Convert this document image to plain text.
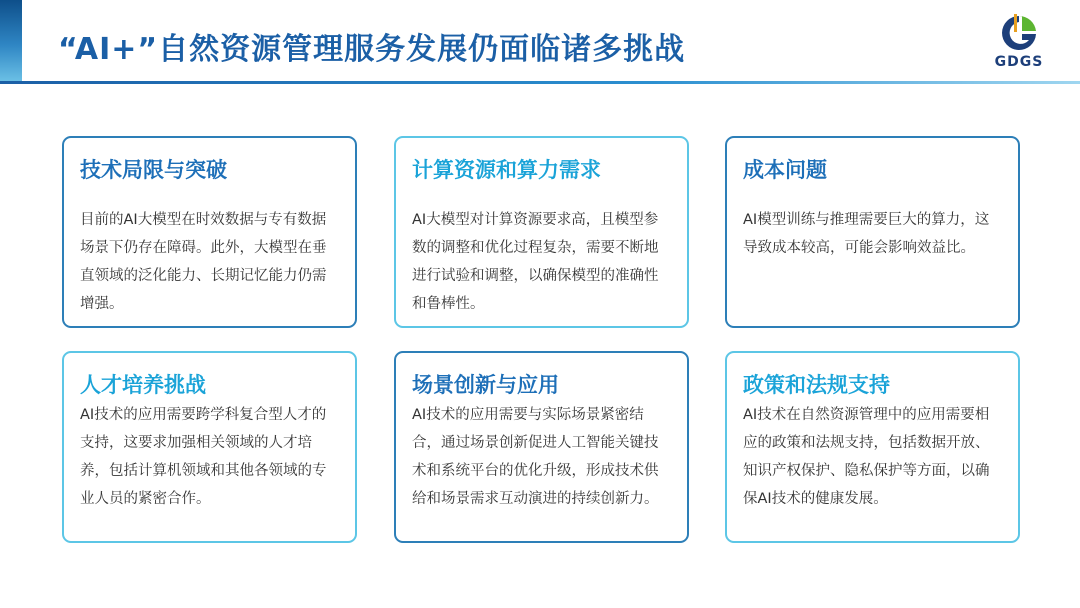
“AI+”自然资源管理服务发展仍面临诸多挑战	GDGS
技术局限与突破
目前的AI大模型在时效数据与专有数据场景下仍存在障碍。此外，大模型在垂直领域的泛化能力、长期记忆能力仍需增强。
计算资源和算力需求
AI大模型对计算资源要求高，且模型参数的调整和优化过程复杂，需要不断地进行试验和调整，以确保模型的准确性和鲁棒性。
成本问题
AI模型训练与推理需要巨大的算力，这导致成本较高，可能会影响效益比。
人才培养挑战
AI技术的应用需要跨学科复合型人才的支持，这要求加强相关领域的人才培养，包括计算机领域和其他各领域的专业人员的紧密合作。
场景创新与应用
AI技术的应用需要与实际场景紧密结合，通过场景创新促进人工智能关键技术和系统平台的优化升级，形成技术供给和场景需求互动演进的持续创新力。
政策和法规支持
AI技术在自然资源管理中的应用需要相应的政策和法规支持，包括数据开放、知识产权保护、隐私保护等方面，以确保AI技术的健康发展。
